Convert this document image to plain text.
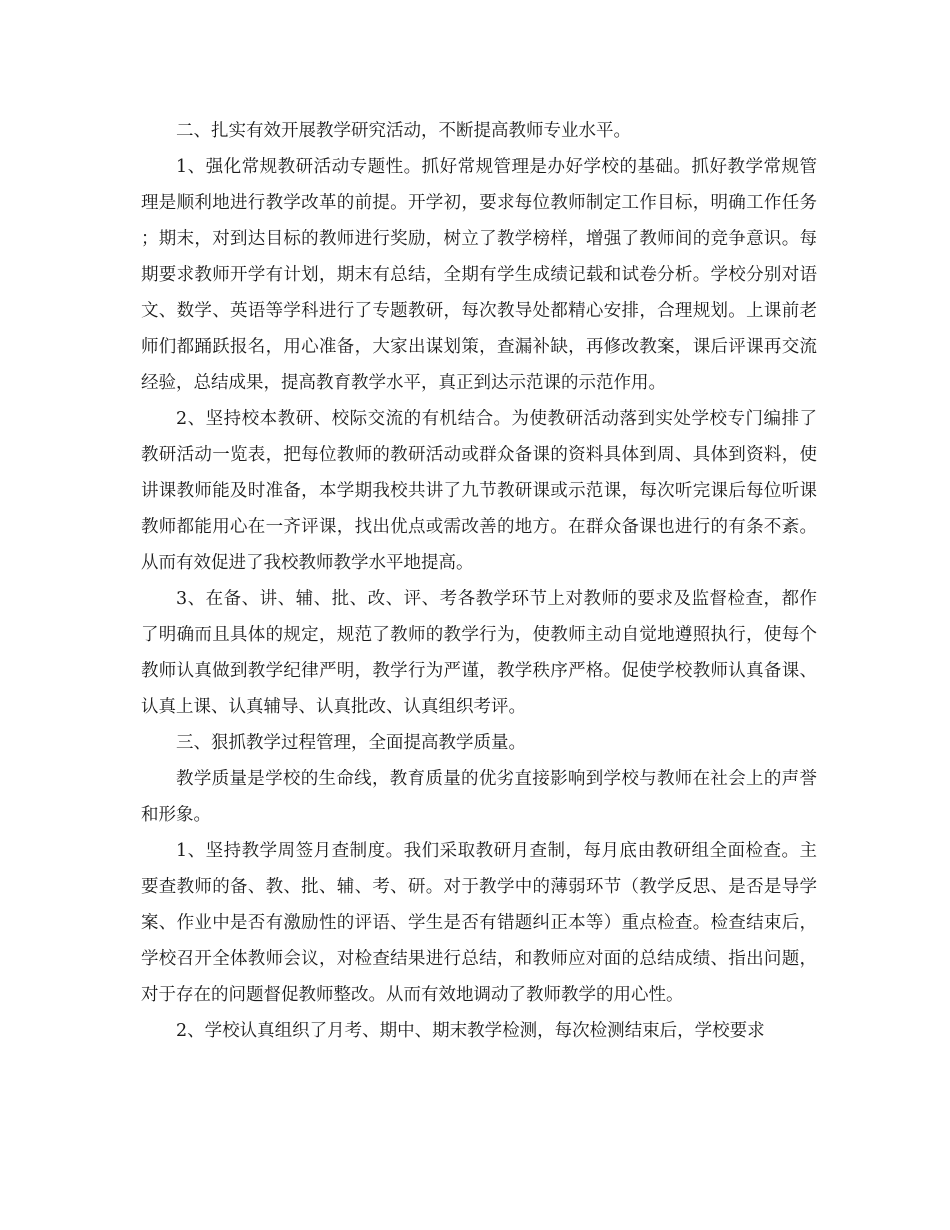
二、扎实有效开展教学研究活动，不断提高教师专业水平。

1、强化常规教研活动专题性。抓好常规管理是办好学校的基础。抓好教学常规管理是顺利地进行教学改革的前提。开学初，要求每位教师制定工作目标，明确工作任务；期末，对到达目标的教师进行奖励，树立了教学榜样，增强了教师间的竞争意识。每期要求教师开学有计划，期末有总结，全期有学生成绩记载和试卷分析。学校分别对语文、数学、英语等学科进行了专题教研，每次教导处都精心安排，合理规划。上课前老师们都踊跃报名，用心准备，大家出谋划策，查漏补缺，再修改教案，课后评课再交流经验，总结成果，提高教育教学水平，真正到达示范课的示范作用。

2、坚持校本教研、校际交流的有机结合。为使教研活动落到实处学校专门编排了教研活动一览表，把每位教师的教研活动或群众备课的资料具体到周、具体到资料，使讲课教师能及时准备，本学期我校共讲了九节教研课或示范课，每次听完课后每位听课教师都能用心在一齐评课，找出优点或需改善的地方。在群众备课也进行的有条不紊。从而有效促进了我校教师教学水平地提高。

3、在备、讲、辅、批、改、评、考各教学环节上对教师的要求及监督检查，都作了明确而且具体的规定，规范了教师的教学行为，使教师主动自觉地遵照执行，使每个教师认真做到教学纪律严明，教学行为严谨，教学秩序严格。促使学校教师认真备课、认真上课、认真辅导、认真批改、认真组织考评。

三、狠抓教学过程管理，全面提高教学质量。

教学质量是学校的生命线，教育质量的优劣直接影响到学校与教师在社会上的声誉和形象。

1、坚持教学周签月查制度。我们采取教研月查制，每月底由教研组全面检查。主要查教师的备、教、批、辅、考、研。对于教学中的薄弱环节（教学反思、是否是导学案、作业中是否有激励性的评语、学生是否有错题纠正本等）重点检查。检查结束后，学校召开全体教师会议，对检查结果进行总结，和教师应对面的总结成绩、指出问题，对于存在的问题督促教师整改。从而有效地调动了教师教学的用心性。

2、学校认真组织了月考、期中、期末教学检测，每次检测结束后，学校要求
